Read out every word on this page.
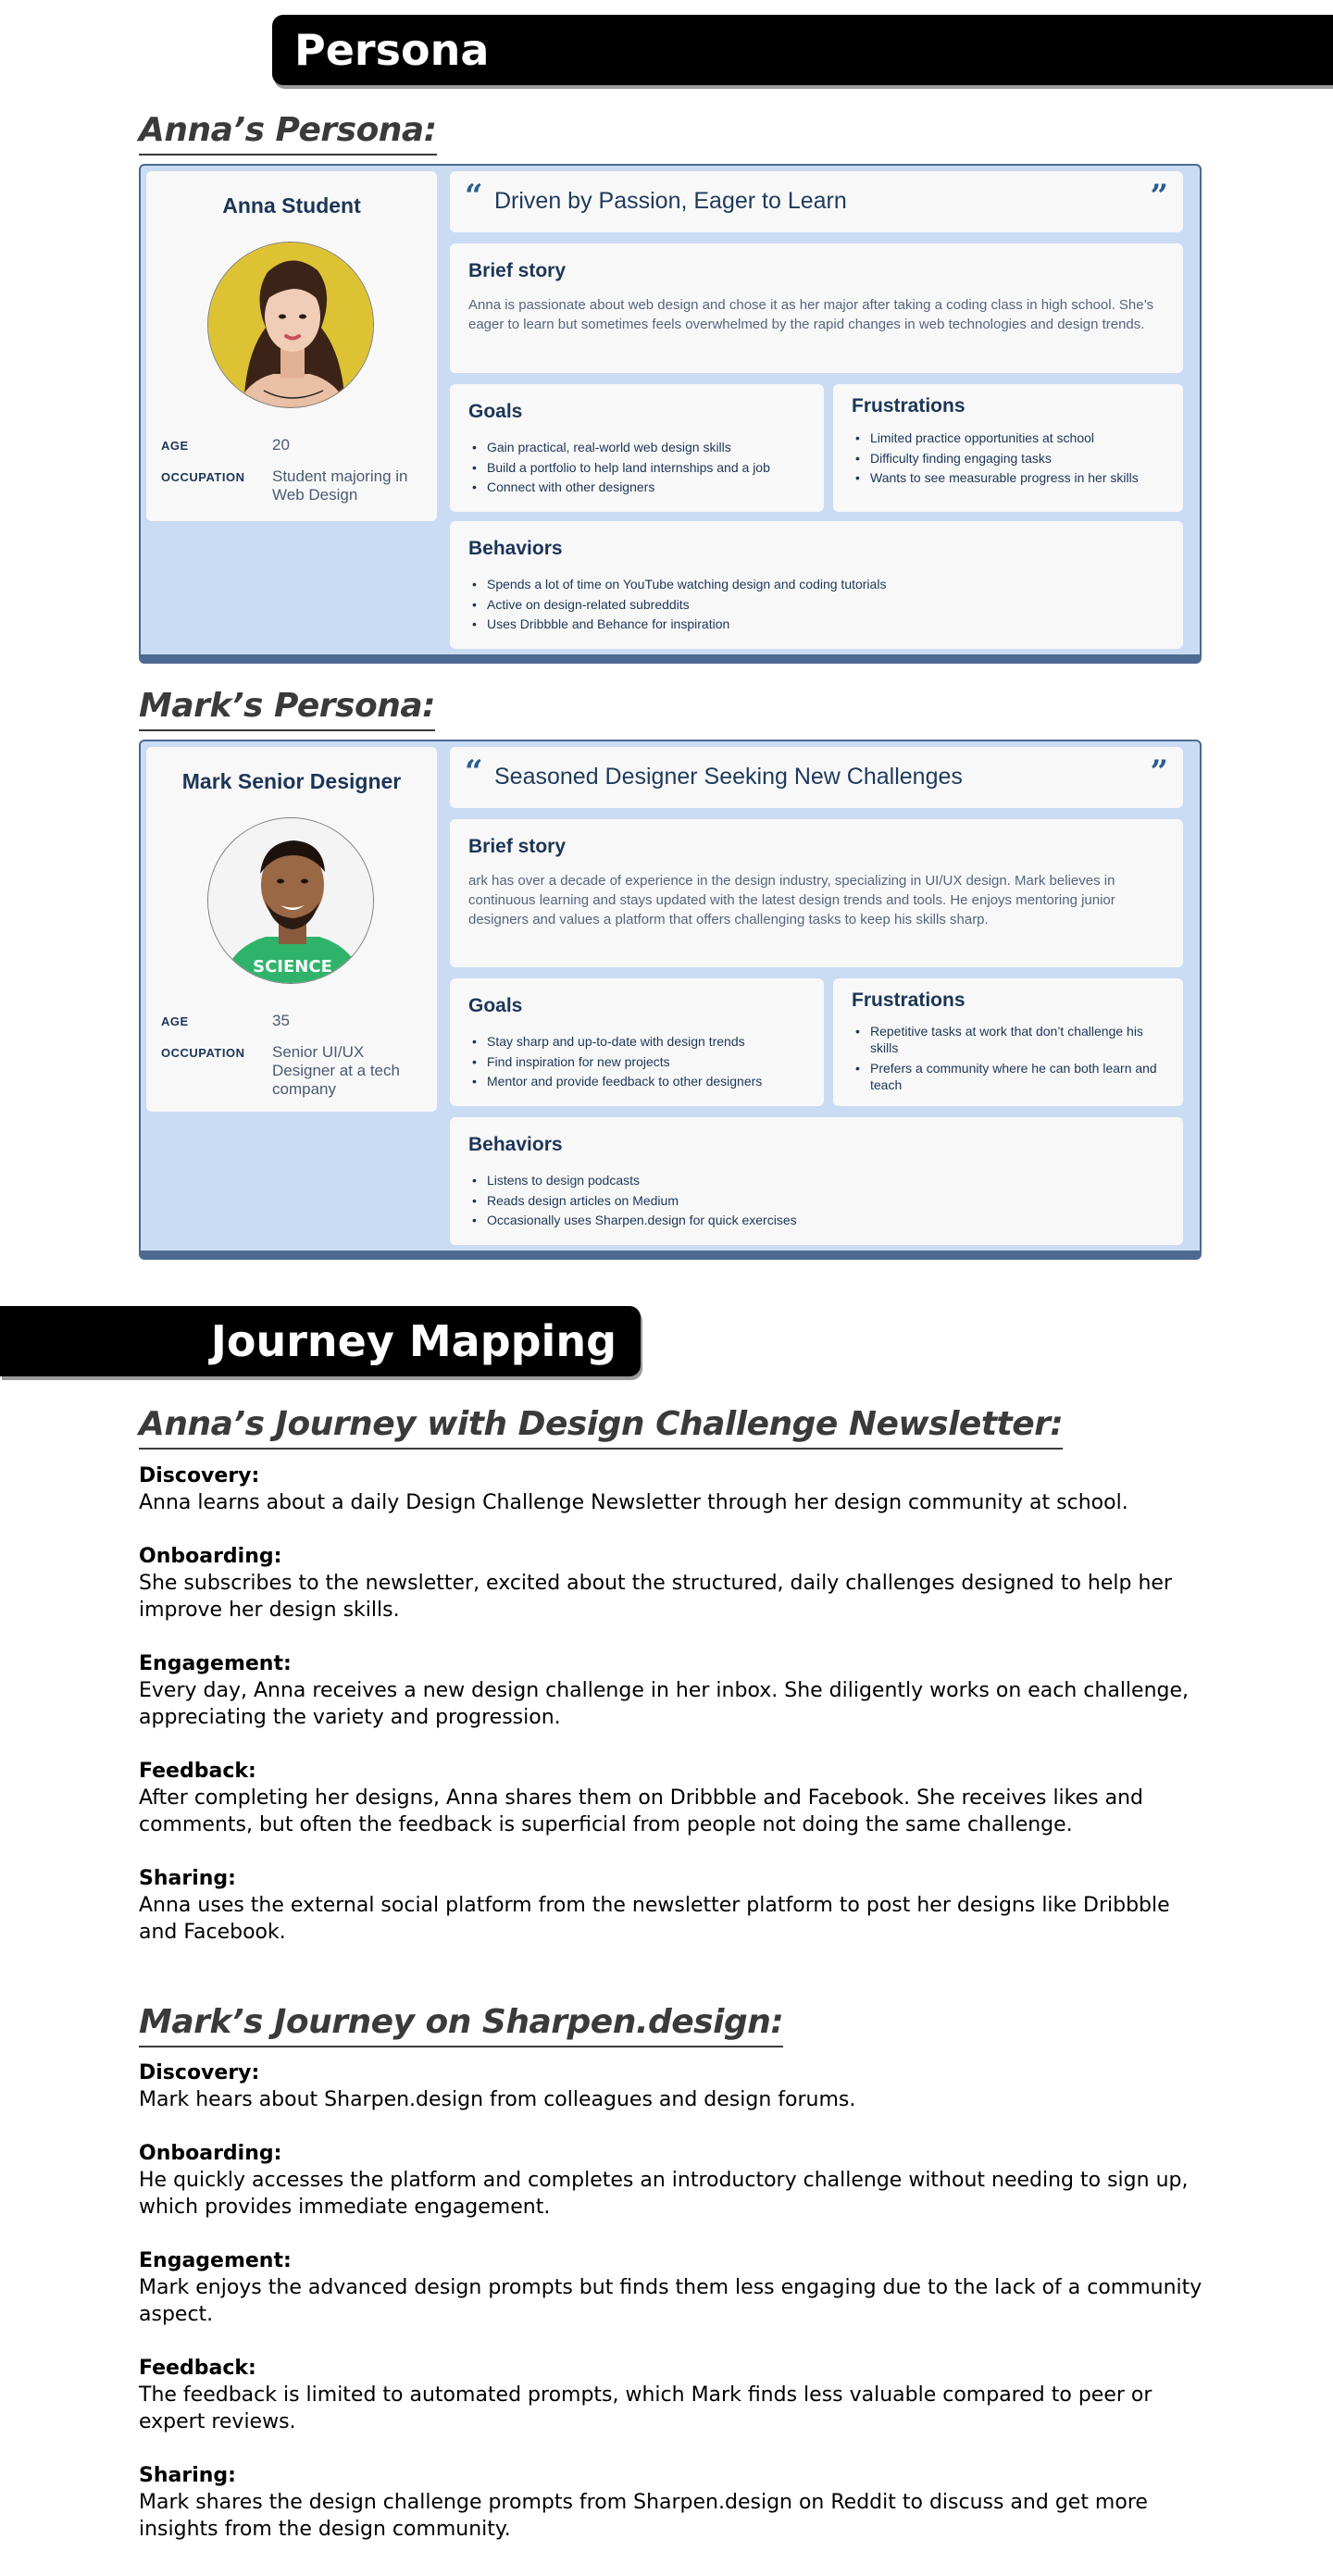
Persona
Anna’s Persona:
Anna Student
AGE	20
OCCUPATION	Student majoring in Web Design
“ Driven by Passion, Eager to Learn	”
Brief story
Anna is passionate about web design and chose it as her major after taking a coding class in high school. She’s eager to learn but sometimes feels overwhelmed by the rapid changes in web technologies and design trends.
Goals
• Gain practical, real-world web design skills
• Build a portfolio to help land internships and a job
• Connect with other designers
Frustrations
• Limited practice opportunities at school
• Difficulty finding engaging tasks
• Wants to see measurable progress in her skills
Behaviors
• Spends a lot of time on YouTube watching design and coding tutorials
• Active on design-related subreddits
• Uses Dribbble and Behance for inspiration
Mark’s Persona:
Mark Senior Designer
SCIENCE
AGE	35
OCCUPATION	Senior UI/UX Designer at a tech company
“ Seasoned Designer Seeking New Challenges	”
Brief story
ark has over a decade of experience in the design industry, specializing in UI/UX design. Mark believes in continuous learning and stays updated with the latest design trends and tools. He enjoys mentoring junior designers and values a platform that offers challenging tasks to keep his skills sharp.
Goals
• Stay sharp and up-to-date with design trends
• Find inspiration for new projects
• Mentor and provide feedback to other designers
Frustrations
• Repetitive tasks at work that don’t challenge his skills
• Prefers a community where he can both learn and teach
Behaviors
• Listens to design podcasts
• Reads design articles on Medium
• Occasionally uses Sharpen.design for quick exercises
Journey Mapping
Anna’s Journey with Design Challenge Newsletter:
Discovery:
Anna learns about a daily Design Challenge Newsletter through her design community at school.
Onboarding:
She subscribes to the newsletter, excited about the structured, daily challenges designed to help her improve her design skills.
Engagement:
Every day, Anna receives a new design challenge in her inbox. She diligently works on each challenge, appreciating the variety and progression.
Feedback:
After completing her designs, Anna shares them on Dribbble and Facebook. She receives likes and comments, but often the feedback is superficial from people not doing the same challenge.
Sharing:
Anna uses the external social platform from the newsletter platform to post her designs like Dribbble and Facebook.
Mark’s Journey on Sharpen.design:
Discovery:
Mark hears about Sharpen.design from colleagues and design forums.
Onboarding:
He quickly accesses the platform and completes an introductory challenge without needing to sign up, which provides immediate engagement.
Engagement:
Mark enjoys the advanced design prompts but finds them less engaging due to the lack of a community aspect.
Feedback:
The feedback is limited to automated prompts, which Mark finds less valuable compared to peer or expert reviews.
Sharing:
Mark shares the design challenge prompts from Sharpen.design on Reddit to discuss and get more insights from the design community.
